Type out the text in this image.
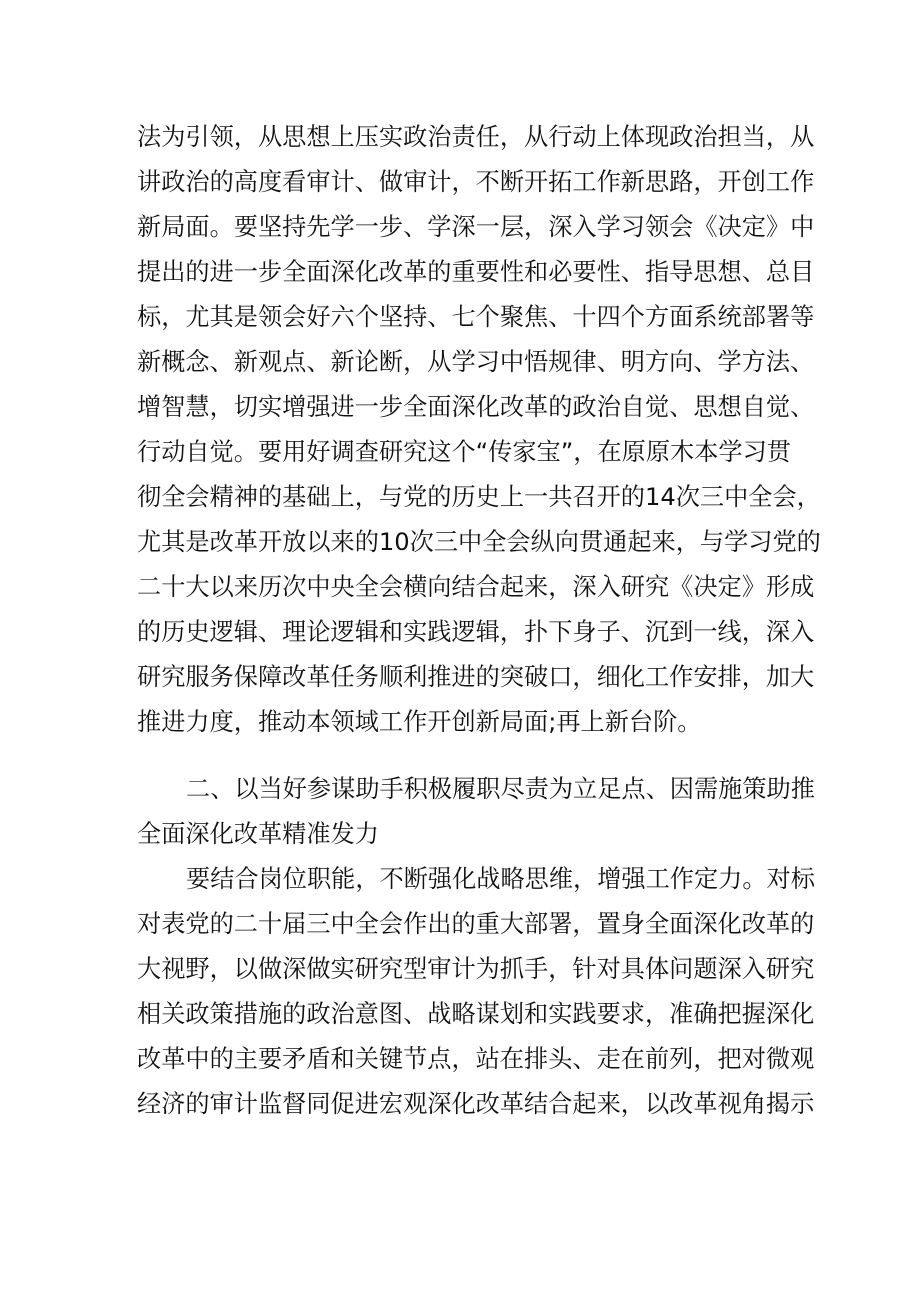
法为引领，从思想上压实政治责任，从行动上体现政治担当，从
讲政治的高度看审计、做审计，不断开拓工作新思路，开创工作
新局面。要坚持先学一步、学深一层，深入学习领会《决定》中
提出的进一步全面深化改革的重要性和必要性、指导思想、总目
标，尤其是领会好六个坚持、七个聚焦、十四个方面系统部署等
新概念、新观点、新论断，从学习中悟规律、明方向、学方法、
增智慧，切实增强进一步全面深化改革的政治自觉、思想自觉、
行动自觉。要用好调查研究这个“传家宝”，在原原木本学习贯
彻全会精神的基础上，与党的历史上一共召开的14次三中全会，
尤其是改革开放以来的10次三中全会纵向贯通起来，与学习党的
二十大以来历次中央全会横向结合起来，深入研究《决定》形成
的历史逻辑、理论逻辑和实践逻辑，扑下身子、沉到一线，深入
研究服务保障改革任务顺利推进的突破口，细化工作安排，加大
推进力度，推动本领域工作开创新局面;再上新台阶。
二、以当好参谋助手积极履职尽责为立足点、因需施策助推
全面深化改革精准发力
要结合岗位职能，不断强化战略思维，增强工作定力。对标
对表党的二十届三中全会作出的重大部署，置身全面深化改革的
大视野，以做深做实研究型审计为抓手，针对具体问题深入研究
相关政策措施的政治意图、战略谋划和实践要求，准确把握深化
改革中的主要矛盾和关键节点，站在排头、走在前列，把对微观
经济的审计监督同促进宏观深化改革结合起来，以改革视角揭示
